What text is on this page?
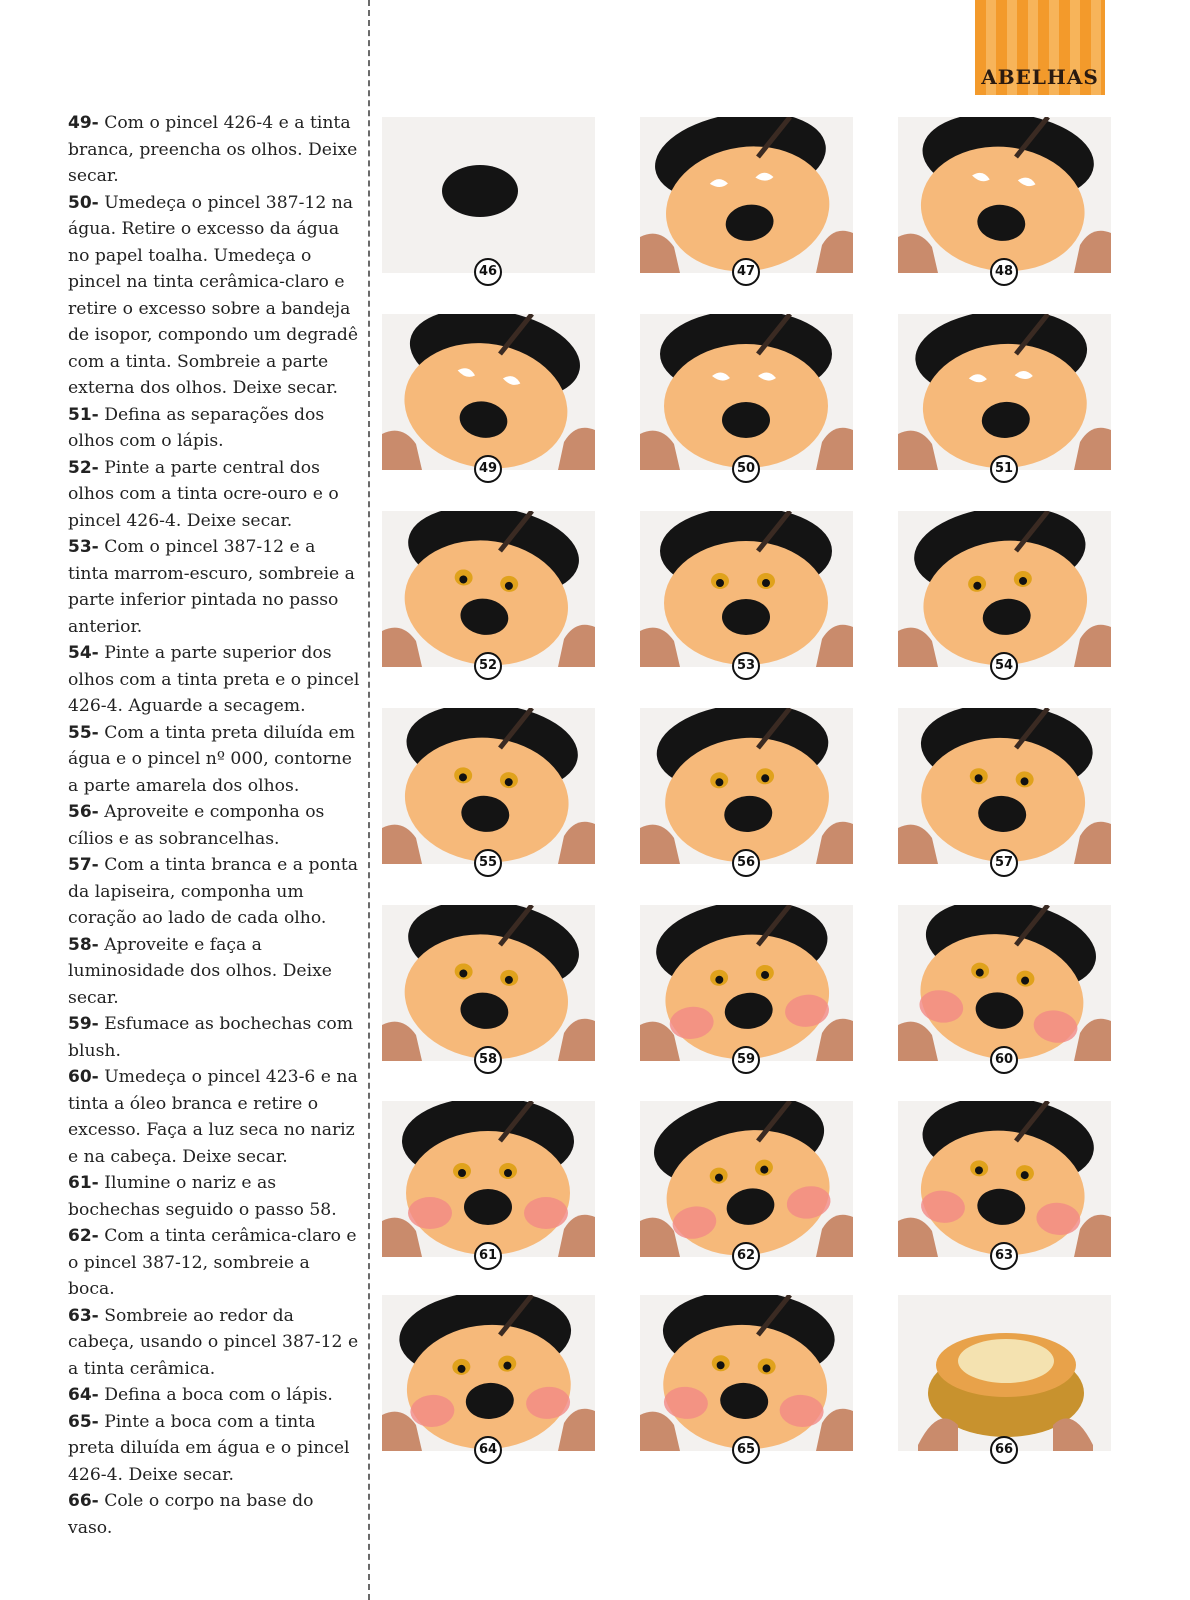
ABELHAS

49- Com o pincel 426-4 e a tinta branca, preencha os olhos. Deixe secar.

50- Umedeça o pincel 387-12 na água. Retire o excesso da água no papel toalha. Umedeça o pincel na tinta cerâmica-claro e retire o excesso sobre a bandeja de isopor, compondo um degradê com a tinta. Sombreie a parte externa dos olhos. Deixe secar.

51- Defina as separações dos olhos com o lápis.

52- Pinte a parte central dos olhos com a tinta ocre-ouro e o pincel 426-4. Deixe secar.

53- Com o pincel 387-12 e a tinta marrom-escuro, sombreie a parte inferior pintada no passo anterior.

54- Pinte a parte superior dos olhos com a tinta preta e o pincel 426-4. Aguarde a secagem.

55- Com a tinta preta diluída em água e o pincel nº 000, contorne a parte amarela dos olhos.

56- Aproveite e componha os cílios e as sobrancelhas.

57- Com a tinta branca e a ponta da lapiseira, componha um coração ao lado de cada olho.

58- Aproveite e faça a luminosidade dos olhos. Deixe secar.

59- Esfumace as bochechas com blush.

60- Umedeça o pincel 423-6 e na tinta a óleo branca e retire o excesso. Faça a luz seca no nariz e na cabeça. Deixe secar.

61- Ilumine o nariz e as bochechas seguido o passo 58.

62- Com a tinta cerâmica-claro e o pincel 387-12, sombreie a boca.

63- Sombreie ao redor da cabeça, usando o pincel 387-12 e a tinta cerâmica.

64- Defina a boca com o lápis.

65- Pinte a boca com a tinta preta diluída em água e o pincel 426-4. Deixe secar.

66- Cole o corpo na base do vaso.

46	47	48
49	50	51
52	53	54
55	56	57
58	59	60
61	62	63
64	65	66
